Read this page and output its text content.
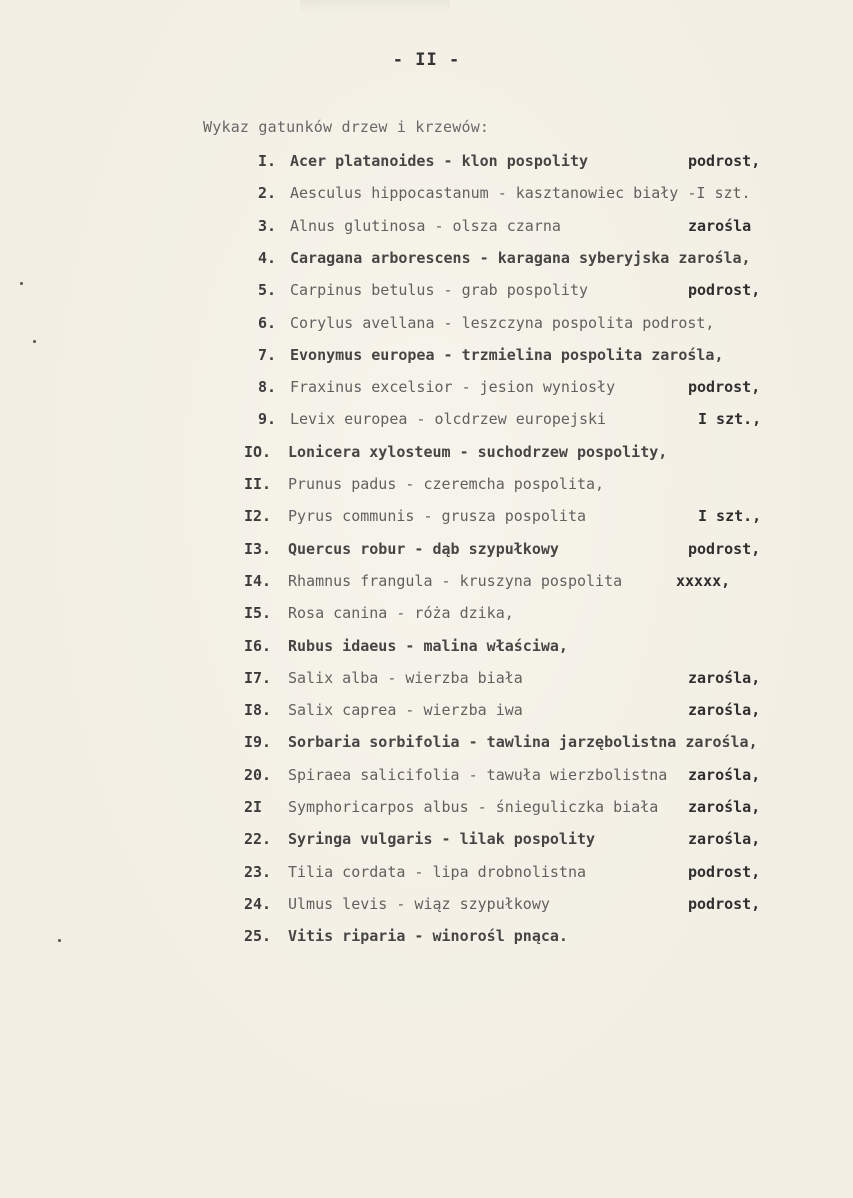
- II -
Wykaz gatunków drzew i krzewów:
I. Acer platanoides - klon pospolity	podrost,
2. Aesculus hippocastanum - kasztanowiec biały -I szt.
3. Alnus glutinosa - olsza czarna	zarośla
4. Caragana arborescens - karagana syberyjska zarośla,
5. Carpinus betulus - grab pospolity	podrost,
6. Corylus avellana - leszczyna pospolita podrost,
7. Evonymus europea - trzmielina pospolita zarośla,
8. Fraxinus excelsior - jesion wyniosły	podrost,
9. Levix europea - olcdrzew europejski	I szt.,
IO. Lonicera xylosteum - suchodrzew pospolity,
II. Prunus padus - czeremcha pospolita,
I2. Pyrus communis - grusza pospolita	I szt.,
I3. Quercus robur - dąb szypułkowy	podrost,
I4. Rhamnus frangula - kruszyna pospolita	xxxxx,
I5. Rosa canina - róża dzika,
I6. Rubus idaeus - malina właściwa,
I7. Salix alba - wierzba biała	zarośla,
I8. Salix caprea - wierzba iwa	zarośla,
I9. Sorbaria sorbifolia - tawlina jarzębolistna zarośla,
20. Spiraea salicifolia - tawuła wierzbolistna zarośla,
2I Symphoricarpos albus - śnieguliczka biała zarośla,
22. Syringa vulgaris - lilak pospolity	zarośla,
23. Tilia cordata - lipa drobnolistna	podrost,
24. Ulmus levis - wiąz szypułkowy	podrost,
25. Vitis riparia - winorośl pnąca.
